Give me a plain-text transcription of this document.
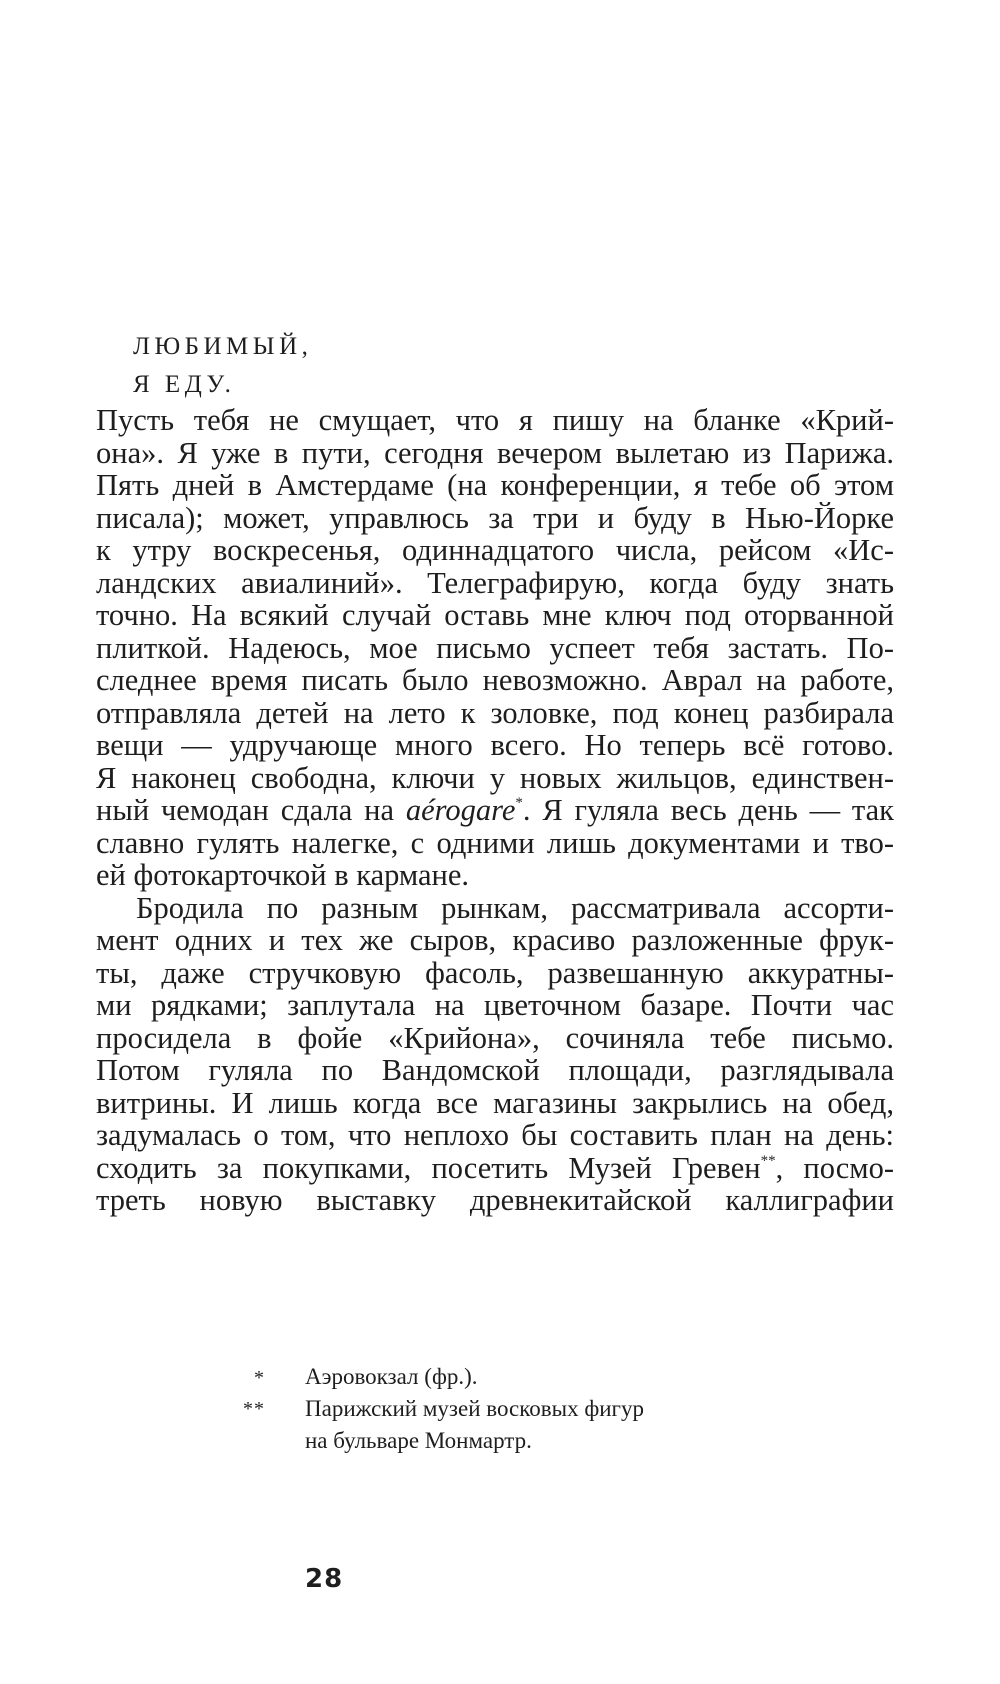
ЛЮБИМЫЙ,
Я ЕДУ.
Пусть тебя не смущает, что я пишу на бланке «Крий-
она». Я уже в пути, сегодня вечером вылетаю из Парижа.
Пять дней в Амстердаме (на конференции, я тебе об этом
писала); может, управлюсь за три и буду в Нью-Йорке
к утру воскресенья, одиннадцатого числа, рейсом «Ис-
ландских авиалиний». Телеграфирую, когда буду знать
точно. На всякий случай оставь мне ключ под оторванной
плиткой. Надеюсь, мое письмо успеет тебя застать. По-
следнее время писать было невозможно. Аврал на работе,
отправляла детей на лето к золовке, под конец разбирала
вещи — удручающе много всего. Но теперь всё готово.
Я наконец свободна, ключи у новых жильцов, единствен-
ный чемодан сдала на aérogare*. Я гуляла весь день — так
славно гулять налегке, с одними лишь документами и тво-
ей фотокарточкой в кармане.
Бродила по разным рынкам, рассматривала ассорти-
мент одних и тех же сыров, красиво разложенные фрук-
ты, даже стручковую фасоль, развешанную аккуратны-
ми рядками; заплутала на цветочном базаре. Почти час
просидела в фойе «Крийона», сочиняла тебе письмо.
Потом гуляла по Вандомской площади, разглядывала
витрины. И лишь когда все магазины закрылись на обед,
задумалась о том, что неплохо бы составить план на день:
сходить за покупками, посетить Музей Гревен**, посмо-
треть новую выставку древнекитайской каллиграфии
* Аэровокзал (фр.).
** Парижский музей восковых фигур
на бульваре Монмартр.
28
